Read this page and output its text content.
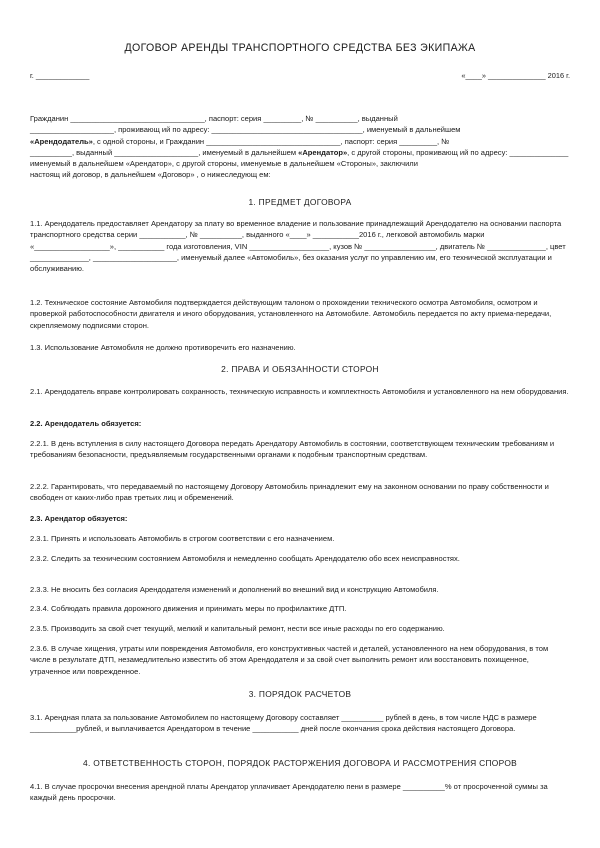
ДОГОВОР АРЕНДЫ ТРАНСПОРТНОГО СРЕДСТВА БЕЗ ЭКИПАЖА
г. _____________	«____» ______________ 2016 г.
Гражданин ________________________________, паспорт: серия _________, № __________, выданный
____________________, проживающ ий по адресу: ____________________________________, именуемый в дальнейшем
«Арендодатель», с одной стороны, и Гражданин ________________________________, паспорт: серия _________, №
__________, выданный ____________________, именуемый в дальнейшем «Арендатор», с другой стороны, проживающ ий по адресу: ______________
именуемый в дальнейшем «Арендатор», с другой стороны, именуемые в дальнейшем «Стороны», заключили
настоящ ий договор, в дальнейшем «Договор» , о нижеследующ ем:
1. ПРЕДМЕТ ДОГОВОРА
1.1. Арендодатель предоставляет Арендатору за плату во временное владение и пользование принадлежащий Арендодателю на основании паспорта транспортного средства серии ___________, № __________, выданного «____» ___________2016 г., легковой автомобиль марки «__________________», ___________ года изготовления, VIN ___________________, кузов № _________________, двигатель № ______________, цвет ______________, ____________________, именуемый далее «Автомобиль», без оказания услуг по управлению им, его технической эксплуатации и обслуживанию.
1.2. Техническое состояние Автомобиля подтверждается действующим талоном о прохождении технического осмотра Автомобиля, осмотром и проверкой работоспособности двигателя и иного оборудования, установленного на Автомобиле. Автомобиль передается по акту приема-передачи, скрепляемому подписями сторон.
1.3. Использование Автомобиля не должно противоречить его назначению.
2. ПРАВА И ОБЯЗАННОСТИ СТОРОН
2.1. Арендодатель вправе контролировать сохранность, техническую исправность и комплектность Автомобиля и установленного на нем оборудования.
2.2. Арендодатель обязуется:
2.2.1. В день вступления в силу настоящего Договора передать Арендатору Автомобиль в состоянии, соответствующем техническим требованиям и требованиям безопасности, предъявляемым государственными органами к подобным транспортным средствам.
2.2.2. Гарантировать, что передаваемый по настоящему Договору Автомобиль принадлежит ему на законном основании по праву собственности и свободен от каких-либо прав третьих лиц и обременений.
2.3. Арендатор обязуется:
2.3.1. Принять и использовать Автомобиль в строгом соответствии с его назначением.
2.3.2. Следить за техническим состоянием Автомобиля и немедленно сообщать Арендодателю обо всех неисправностях.
2.3.3. Не вносить без согласия Арендодателя изменений и дополнений во внешний вид и конструкцию Автомобиля.
2.3.4. Соблюдать правила дорожного движения и принимать меры по профилактике ДТП.
2.3.5. Производить за свой счет текущий, мелкий и капитальный ремонт, нести все иные расходы по его содержанию.
2.3.6. В случае хищения, утраты или повреждения Автомобиля, его конструктивных частей и деталей, установленного на нем оборудования, в том числе в результате ДТП, незамедлительно известить об этом Арендодателя и за свой счет выполнить ремонт или восстановить похищенное, утраченное или поврежденное.
3. ПОРЯДОК РАСЧЕТОВ
3.1. Арендная плата за пользование Автомобилем по настоящему Договору составляет __________ рублей в день, в том числе НДС в размере ___________рублей, и выплачивается Арендатором в течение ___________ дней после окончания срока действия настоящего Договора.
4. ОТВЕТСТВЕННОСТЬ СТОРОН, ПОРЯДОК РАСТОРЖЕНИЯ ДОГОВОРА И РАССМОТРЕНИЯ СПОРОВ
4.1. В случае просрочки внесения арендной платы Арендатор уплачивает Арендодателю пени в размере __________% от просроченной суммы за каждый день просрочки.
